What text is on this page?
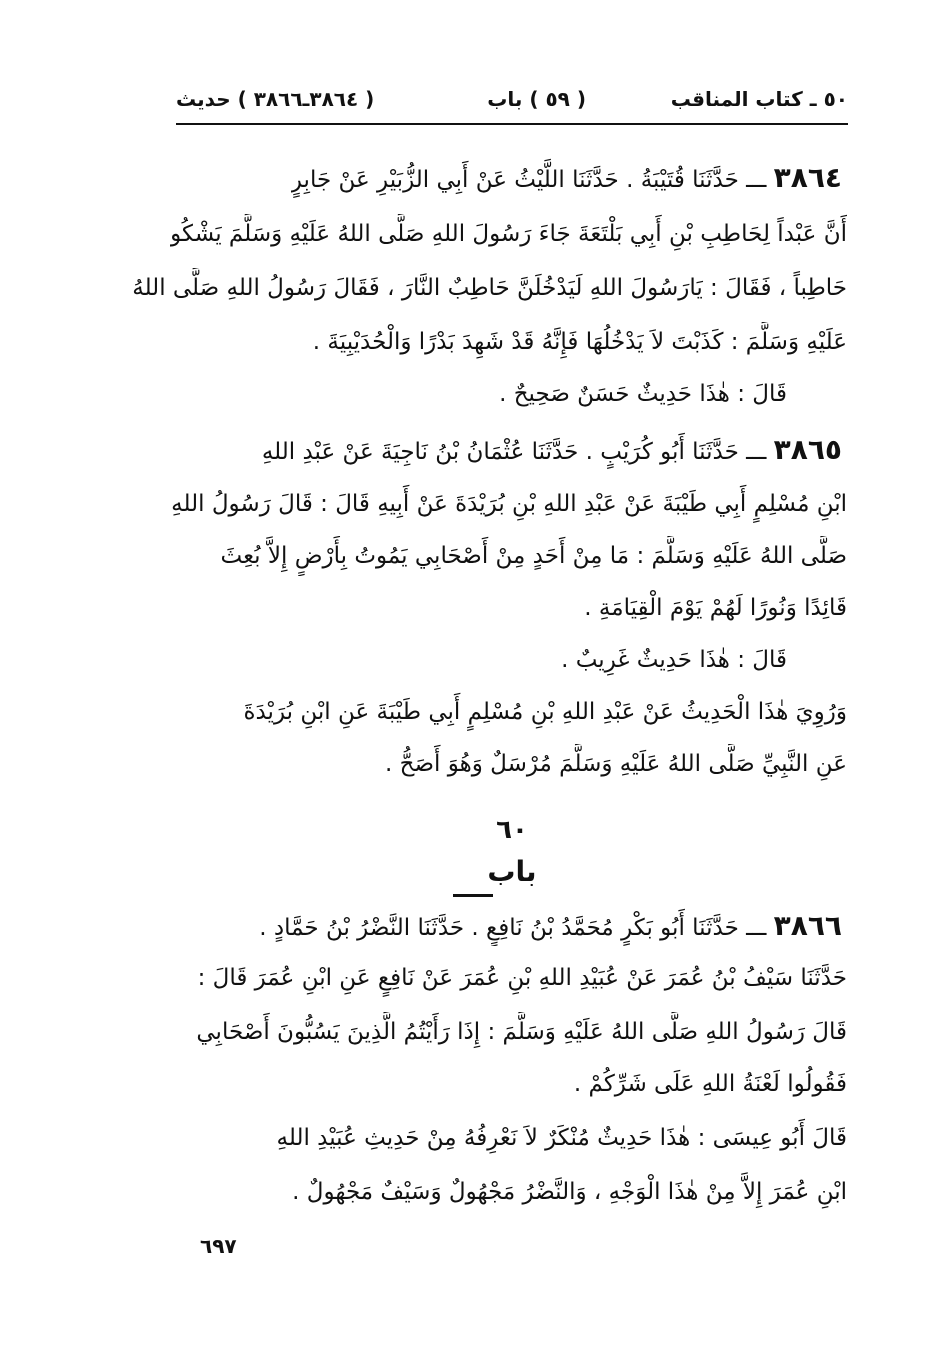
٥٠ ـ كتاب المناقب
( ٥٩ ) باب
( ٣٨٦٤ـ٣٨٦٦ ) حديث
٣٨٦٤ ـــ حَدَّثَنَا قُتَيْبَةُ . حَدَّثَنَا اللَّيْثُ عَنْ أَبِي الزُّبَيْرِ عَنْ جَابِرٍ
أَنَّ عَبْداً لِحَاطِبِ بْنِ أَبِي بَلْتَعَةَ جَاءَ رَسُولَ اللهِ صَلَّى اللهُ عَلَيْهِ وَسَلَّمَ يَشْكُو
حَاطِباً ، فَقَالَ : يَارَسُولَ اللهِ لَيَدْخُلَنَّ حَاطِبٌ النَّارَ ، فَقَالَ رَسُولُ اللهِ صَلَّى اللهُ
عَلَيْهِ وَسَلَّمَ : كَذَبْتَ لاَ يَدْخُلُهَا فَإِنَّهُ قَدْ شَهِدَ بَدْرًا وَالْحُدَيْبِيَةَ .
قَالَ : هٰذَا حَدِيثٌ حَسَنٌ صَحِيحٌ .
٣٨٦٥ ـــ حَدَّثَنَا أَبُو كُرَيْبٍ . حَدَّثَنَا عُثْمَانُ بْنُ نَاجِيَةَ عَنْ عَبْدِ اللهِ
ابْنِ مُسْلِمٍ أَبِي طَيْبَةَ عَنْ عَبْدِ اللهِ بْنِ بُرَيْدَةَ عَنْ أَبِيهِ قَالَ : قَالَ رَسُولُ اللهِ
صَلَّى اللهُ عَلَيْهِ وَسَلَّمَ : مَا مِنْ أَحَدٍ مِنْ أَصْحَابِي يَمُوتُ بِأَرْضٍ إِلاَّ بُعِثَ
قَائِدًا وَنُورًا لَهُمْ يَوْمَ الْقِيَامَةِ .
قَالَ : هٰذَا حَدِيثٌ غَرِيبٌ .
وَرُوِيَ هٰذَا الْحَدِيثُ عَنْ عَبْدِ اللهِ بْنِ مُسْلِمٍ أَبِي طَيْبَةَ عَنِ ابْنِ بُرَيْدَةَ
عَنِ النَّبِيِّ صَلَّى اللهُ عَلَيْهِ وَسَلَّمَ مُرْسَلٌ وَهُوَ أَصَحُّ .
٦٠
باب
٣٨٦٦ ـــ حَدَّثَنَا أَبُو بَكْرٍ مُحَمَّدُ بْنُ نَافِعٍ . حَدَّثَنَا النَّضْرُ بْنُ حَمَّادٍ .
حَدَّثَنَا سَيْفُ بْنُ عُمَرَ عَنْ عُبَيْدِ اللهِ بْنِ عُمَرَ عَنْ نَافِعٍ عَنِ ابْنِ عُمَرَ قَالَ :
قَالَ رَسُولُ اللهِ صَلَّى اللهُ عَلَيْهِ وَسَلَّمَ : إِذَا رَأَيْتُمُ الَّذِينَ يَسُبُّونَ أَصْحَابِي
فَقُولُوا لَعْنَةُ اللهِ عَلَى شَرِّكُمْ .
قَالَ أَبُو عِيسَى : هٰذَا حَدِيثٌ مُنْكَرٌ لاَ نَعْرِفُهُ مِنْ حَدِيثِ عُبَيْدِ اللهِ
ابْنِ عُمَرَ إِلاَّ مِنْ هٰذَا الْوَجْهِ ، وَالنَّضْرُ مَجْهُولٌ وَسَيْفٌ مَجْهُولٌ .
٦٩٧
